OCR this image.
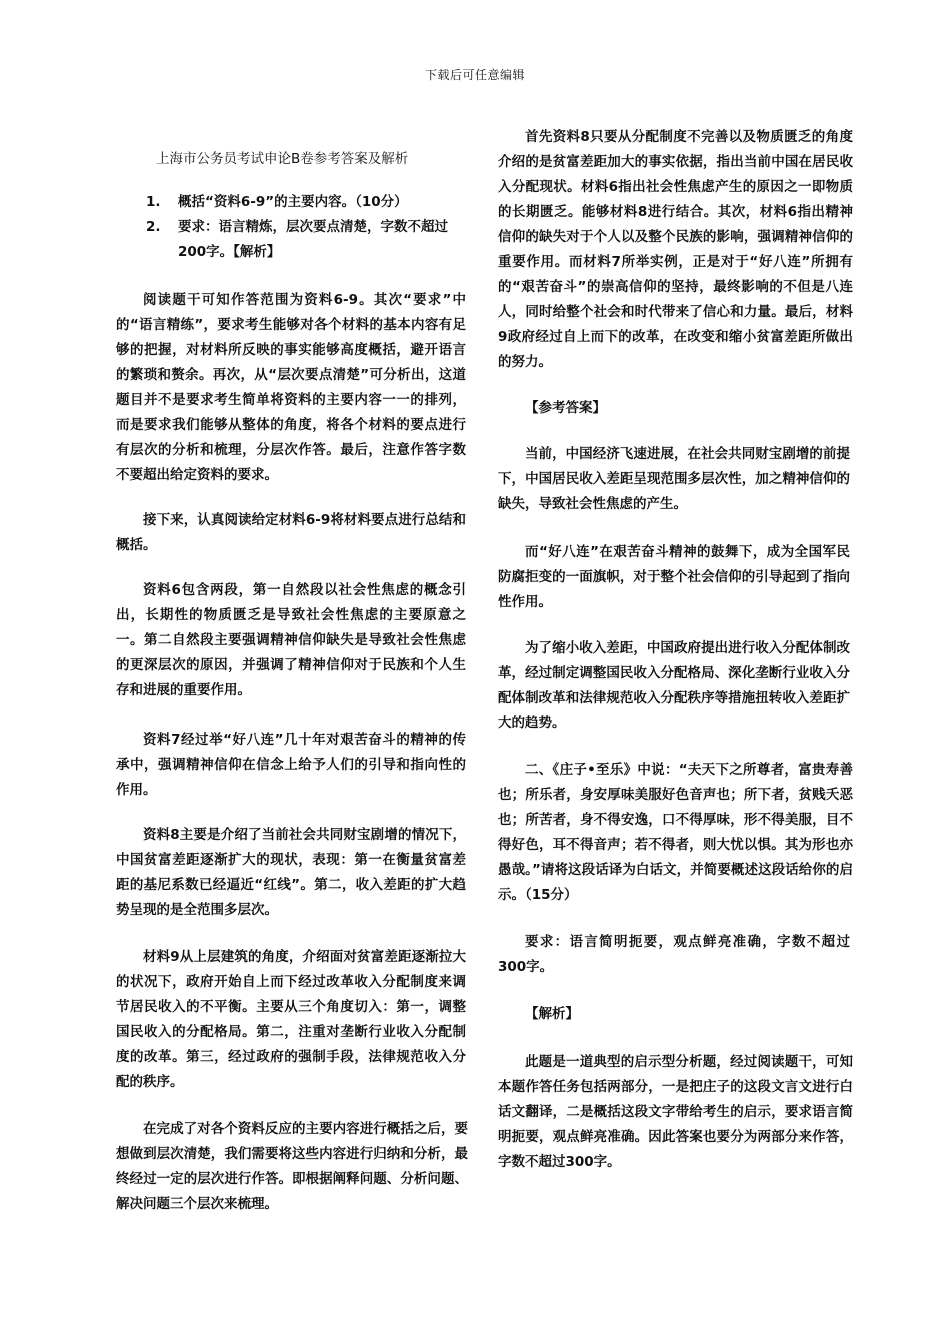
下载后可任意编辑

上海市公务员考试申论B卷参考答案及解析

1. 概括“资料6-9”的主要内容。（10分）
2. 要求：语言精炼，层次要点清楚，字数不超过200字。【解析】

阅读题干可知作答范围为资料6-9。其次“要求”中的“语言精练”，要求考生能够对各个材料的基本内容有足够的把握，对材料所反映的事实能够高度概括，避开语言的繁琐和赘余。再次，从“层次要点清楚”可分析出，这道题目并不是要求考生简单将资料的主要内容一一的排列，而是要求我们能够从整体的角度，将各个材料的要点进行有层次的分析和梳理，分层次作答。最后，注意作答字数不要超出给定资料的要求。

接下来，认真阅读给定材料6-9将材料要点进行总结和概括。

资料6包含两段，第一自然段以社会性焦虑的概念引出，长期性的物质匮乏是导致社会性焦虑的主要原意之一。第二自然段主要强调精神信仰缺失是导致社会性焦虑的更深层次的原因，并强调了精神信仰对于民族和个人生存和进展的重要作用。

资料7经过举“好八连”几十年对艰苦奋斗的精神的传承中，强调精神信仰在信念上给予人们的引导和指向性的作用。

资料8主要是介绍了当前社会共同财宝剧增的情况下，中国贫富差距逐渐扩大的现状，表现：第一在衡量贫富差距的基尼系数已经逼近“红线”。第二，收入差距的扩大趋势呈现的是全范围多层次。

材料9从上层建筑的角度，介绍面对贫富差距逐渐拉大的状况下，政府开始自上而下经过改革收入分配制度来调节居民收入的不平衡。主要从三个角度切入：第一，调整国民收入的分配格局。第二，注重对垄断行业收入分配制度的改革。第三，经过政府的强制手段，法律规范收入分配的秩序。

在完成了对各个资料反应的主要内容进行概括之后，要想做到层次清楚，我们需要将这些内容进行归纳和分析，最终经过一定的层次进行作答。即根据阐释问题、分析问题、解决问题三个层次来梳理。

首先资料8只要从分配制度不完善以及物质匮乏的角度介绍的是贫富差距加大的事实依据，指出当前中国在居民收入分配现状。材料6指出社会性焦虑产生的原因之一即物质的长期匮乏。能够材料8进行结合。其次，材料6指出精神信仰的缺失对于个人以及整个民族的影响，强调精神信仰的重要作用。而材料7所举实例，正是对于“好八连”所拥有的“艰苦奋斗”的崇高信仰的坚持，最终影响的不但是八连人，同时给整个社会和时代带来了信心和力量。最后，材料9政府经过自上而下的改革，在改变和缩小贫富差距所做出的努力。

【参考答案】

当前，中国经济飞速进展，在社会共同财宝剧增的前提下，中国居民收入差距呈现范围多层次性，加之精神信仰的缺失，导致社会性焦虑的产生。

而“好八连”在艰苦奋斗精神的鼓舞下，成为全国军民防腐拒变的一面旗帜，对于整个社会信仰的引导起到了指向性作用。

为了缩小收入差距，中国政府提出进行收入分配体制改革，经过制定调整国民收入分配格局、深化垄断行业收入分配体制改革和法律规范收入分配秩序等措施扭转收入差距扩大的趋势。

二、《庄子•至乐》中说：“夫天下之所尊者，富贵寿善也；所乐者，身安厚味美服好色音声也；所下者，贫贱夭恶也；所苦者，身不得安逸，口不得厚味，形不得美服，目不得好色，耳不得音声；若不得者，则大忧以惧。其为形也亦愚哉。”请将这段话译为白话文，并简要概述这段话给你的启示。（15分）

要求：语言简明扼要，观点鲜亮准确，字数不超过300字。

【解析】

此题是一道典型的启示型分析题，经过阅读题干，可知本题作答任务包括两部分，一是把庄子的这段文言文进行白话文翻译，二是概括这段文字带给考生的启示，要求语言简明扼要，观点鲜亮准确。因此答案也要分为两部分来作答，字数不超过300字。
